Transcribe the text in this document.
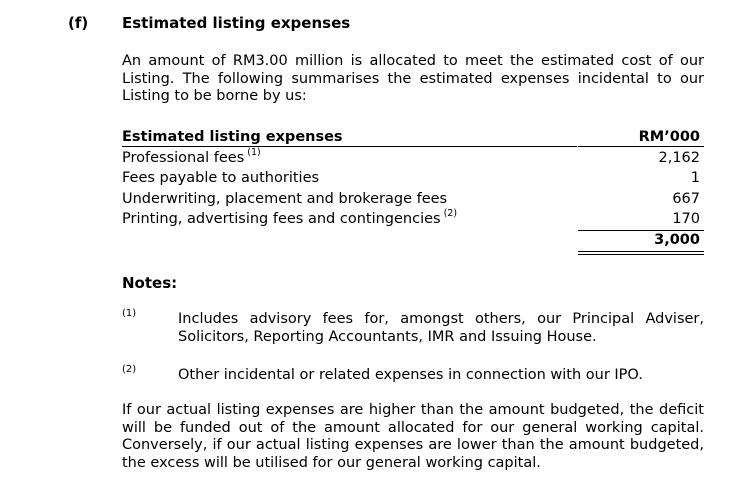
(f) Estimated listing expenses
An amount of RM3.00 million is allocated to meet the estimated cost of our Listing. The following summarises the estimated expenses incidental to our Listing to be borne by us:
Estimated listing expenses	RM’000
Professional fees $^{(1)}$	2,162
Fees payable to authorities	1
Underwriting, placement and brokerage fees	667
Printing, advertising fees and contingencies $^{(2)}$	170
3,000
Notes:
(1)	Includes advisory fees for, amongst others, our Principal Adviser, Solicitors, Reporting Accountants, IMR and Issuing House.
(2)	Other incidental or related expenses in connection with our IPO.
If our actual listing expenses are higher than the amount budgeted, the deficit will be funded out of the amount allocated for our general working capital. Conversely, if our actual listing expenses are lower than the amount budgeted, the excess will be utilised for our general working capital.
